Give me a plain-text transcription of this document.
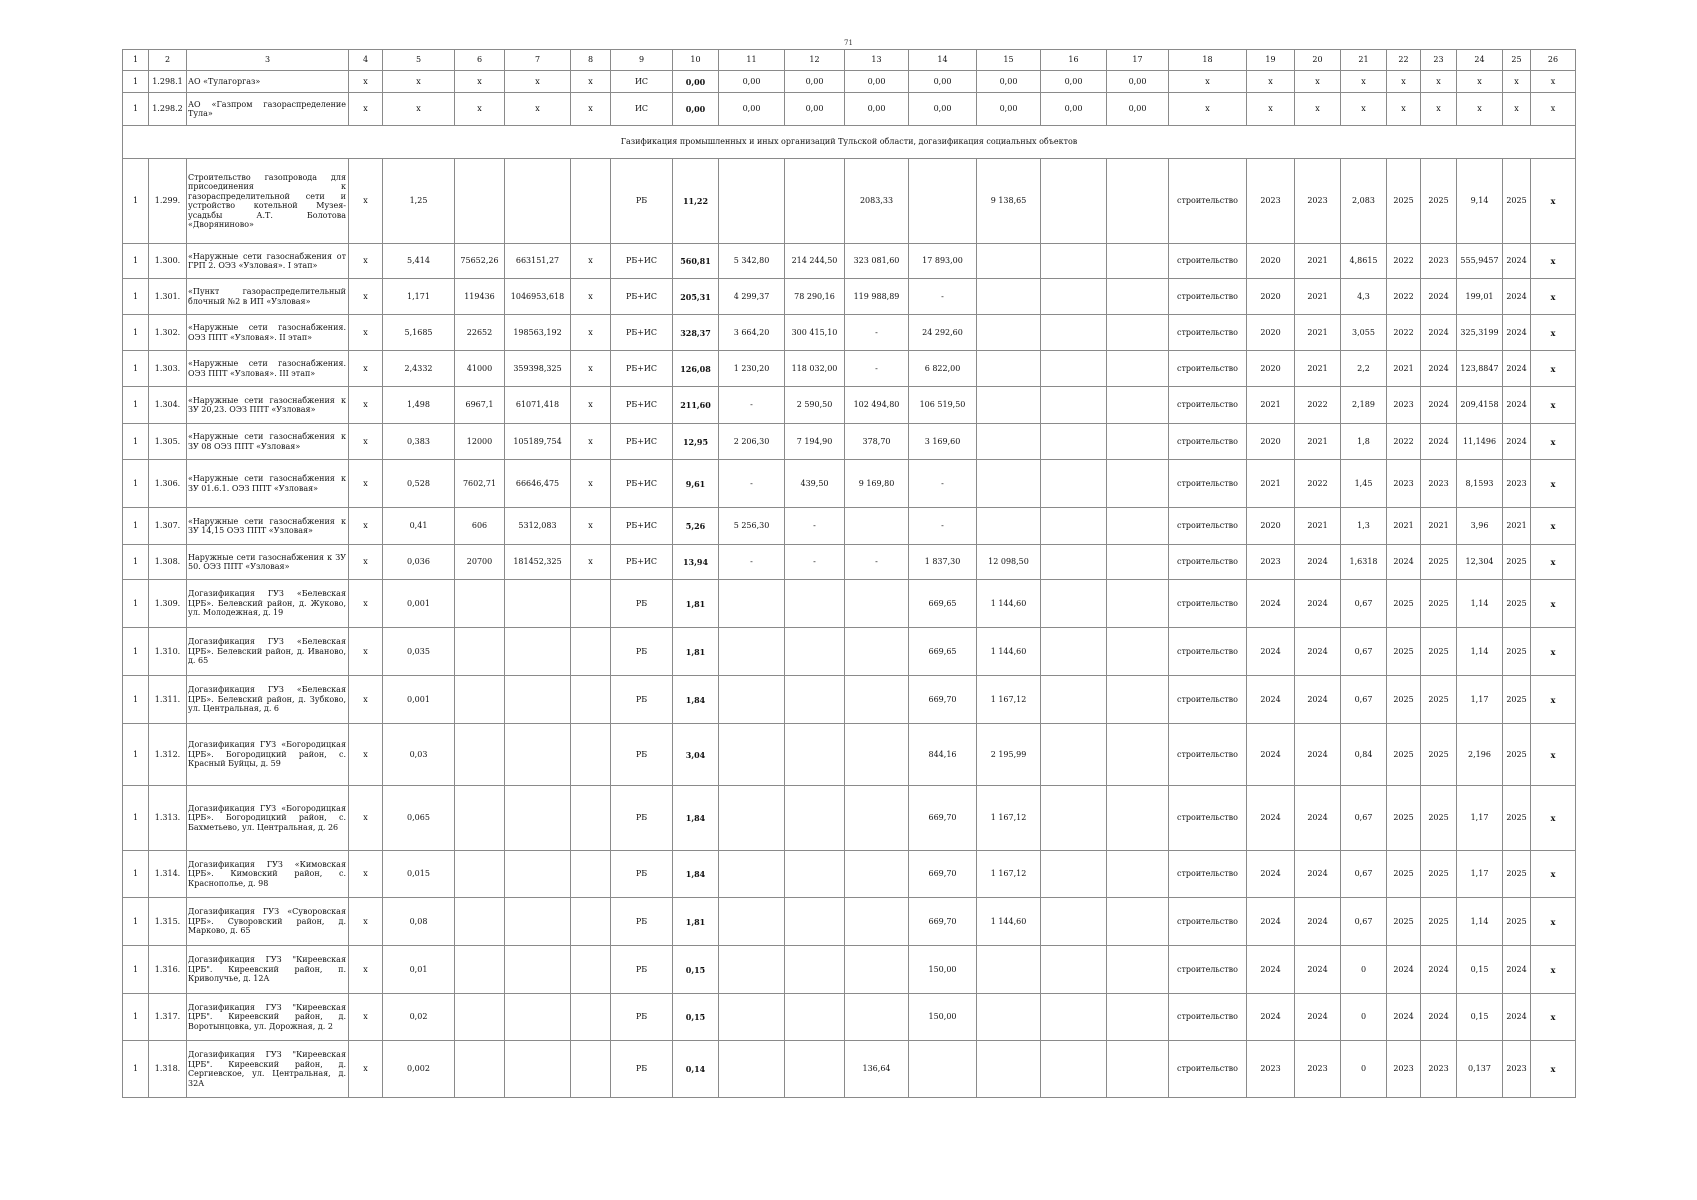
71
1	2	3	4	5	6	7	8	9	10	11	12	13	14	15	16	17	18	19	20	21	22	23	24	25	26
1	1.298.1	АО «Тулагоргаз»	х	х	х	х	х	ИС	0,00	0,00	0,00	0,00	0,00	0,00	0,00	0,00	х	х	х	х	х	х	х	х	х
1	1.298.2	АО «Газпром газораспределение Тула»	х	х	х	х	х	ИС	0,00	0,00	0,00	0,00	0,00	0,00	0,00	0,00	х	х	х	х	х	х	х	х	х
Газификация промышленных и иных организаций Тульской области, догазификация социальных объектов																									
1	1.299.	Строительство газопровода для присоединения к газораспределительной сети и устройство котельной Музея-усадьбы А.Т. Болотова «Дворяниново»	х	1,25				РБ	11,22			2083,33		9 138,65			строительство	2023	2023	2,083	2025	2025	9,14	2025	х
1	1.300.	«Наружные сети газоснабжения от ГРП 2. ОЭЗ «Узловая». I этап»	х	5,414	75652,26	663151,27	х	РБ+ИС	560,81	5 342,80	214 244,50	323 081,60	17 893,00				строительство	2020	2021	4,8615	2022	2023	555,9457	2024	х
1	1.301.	«Пункт газораспределительный блочный №2 в ИП «Узловая»	х	1,171	119436	1046953,618	х	РБ+ИС	205,31	4 299,37	78 290,16	119 988,89	-				строительство	2020	2021	4,3	2022	2024	199,01	2024	х
1	1.302.	«Наружные сети газоснабжения. ОЭЗ ППТ «Узловая». II этап»	х	5,1685	22652	198563,192	х	РБ+ИС	328,37	3 664,20	300 415,10	-	24 292,60				строительство	2020	2021	3,055	2022	2024	325,3199	2024	х
1	1.303.	«Наружные сети газоснабжения. ОЭЗ ППТ «Узловая». III этап»	х	2,4332	41000	359398,325	х	РБ+ИС	126,08	1 230,20	118 032,00	-	6 822,00				строительство	2020	2021	2,2	2021	2024	123,8847	2024	х
1	1.304.	«Наружные сети газоснабжения к ЗУ 20,23. ОЭЗ ППТ «Узловая»	х	1,498	6967,1	61071,418	х	РБ+ИС	211,60	-	2 590,50	102 494,80	106 519,50				строительство	2021	2022	2,189	2023	2024	209,4158	2024	х
1	1.305.	«Наружные сети газоснабжения к ЗУ 08 ОЭЗ ППТ «Узловая»	х	0,383	12000	105189,754	х	РБ+ИС	12,95	2 206,30	7 194,90	378,70	3 169,60				строительство	2020	2021	1,8	2022	2024	11,1496	2024	х
1	1.306.	«Наружные сети газоснабжения к ЗУ 01.6.1. ОЭЗ ППТ «Узловая»	х	0,528	7602,71	66646,475	х	РБ+ИС	9,61	-	439,50	9 169,80	-				строительство	2021	2022	1,45	2023	2023	8,1593	2023	х
1	1.307.	«Наружные сети газоснабжения к ЗУ 14,15 ОЭЗ ППТ «Узловая»	х	0,41	606	5312,083	х	РБ+ИС	5,26	5 256,30	-		-				строительство	2020	2021	1,3	2021	2021	3,96	2021	х
1	1.308.	Наружные сети газоснабжения к ЗУ 50. ОЭЗ ППТ «Узловая»	х	0,036	20700	181452,325	х	РБ+ИС	13,94	-	-	-	1 837,30	12 098,50			строительство	2023	2024	1,6318	2024	2025	12,304	2025	х
1	1.309.	Догазификация ГУЗ «Белевская ЦРБ». Белевский район, д. Жуково, ул. Молодежная, д. 19	х	0,001				РБ	1,81				669,65	1 144,60			строительство	2024	2024	0,67	2025	2025	1,14	2025	х
1	1.310.	Догазификация ГУЗ «Белевская ЦРБ». Белевский район, д. Иваново, д. 65	х	0,035				РБ	1,81				669,65	1 144,60			строительство	2024	2024	0,67	2025	2025	1,14	2025	х
1	1.311.	Догазификация ГУЗ «Белевская ЦРБ». Белевский район, д. Зубково, ул. Центральная, д. 6	х	0,001				РБ	1,84				669,70	1 167,12			строительство	2024	2024	0,67	2025	2025	1,17	2025	х
1	1.312.	Догазификация ГУЗ «Богородицкая ЦРБ». Богородицкий район, с. Красный Буйцы, д. 59	х	0,03				РБ	3,04				844,16	2 195,99			строительство	2024	2024	0,84	2025	2025	2,196	2025	х
1	1.313.	Догазификация ГУЗ «Богородицкая ЦРБ». Богородицкий район, с. Бахметьево, ул. Центральная, д. 26	х	0,065				РБ	1,84				669,70	1 167,12			строительство	2024	2024	0,67	2025	2025	1,17	2025	х
1	1.314.	Догазификация ГУЗ «Кимовская ЦРБ». Кимовский район, с. Краснополье, д. 98	х	0,015				РБ	1,84				669,70	1 167,12			строительство	2024	2024	0,67	2025	2025	1,17	2025	х
1	1.315.	Догазификация ГУЗ «Суворовская ЦРБ». Суворовский район, д. Марково, д. 65	х	0,08				РБ	1,81				669,70	1 144,60			строительство	2024	2024	0,67	2025	2025	1,14	2025	х
1	1.316.	Догазификация ГУЗ "Киреевская ЦРБ". Киреевский район, п. Криволучье, д. 12А	х	0,01				РБ	0,15				150,00				строительство	2024	2024	0	2024	2024	0,15	2024	х
1	1.317.	Догазификация ГУЗ "Киреевская ЦРБ". Киреевский район, д. Воротынцовка, ул. Дорожная, д. 2	х	0,02				РБ	0,15				150,00				строительство	2024	2024	0	2024	2024	0,15	2024	х
1	1.318.	Догазификация ГУЗ "Киреевская ЦРБ". Киреевский район, д. Сергиевское, ул. Центральная, д. 32А	х	0,002				РБ	0,14			136,64					строительство	2023	2023	0	2023	2023	0,137	2023	х
